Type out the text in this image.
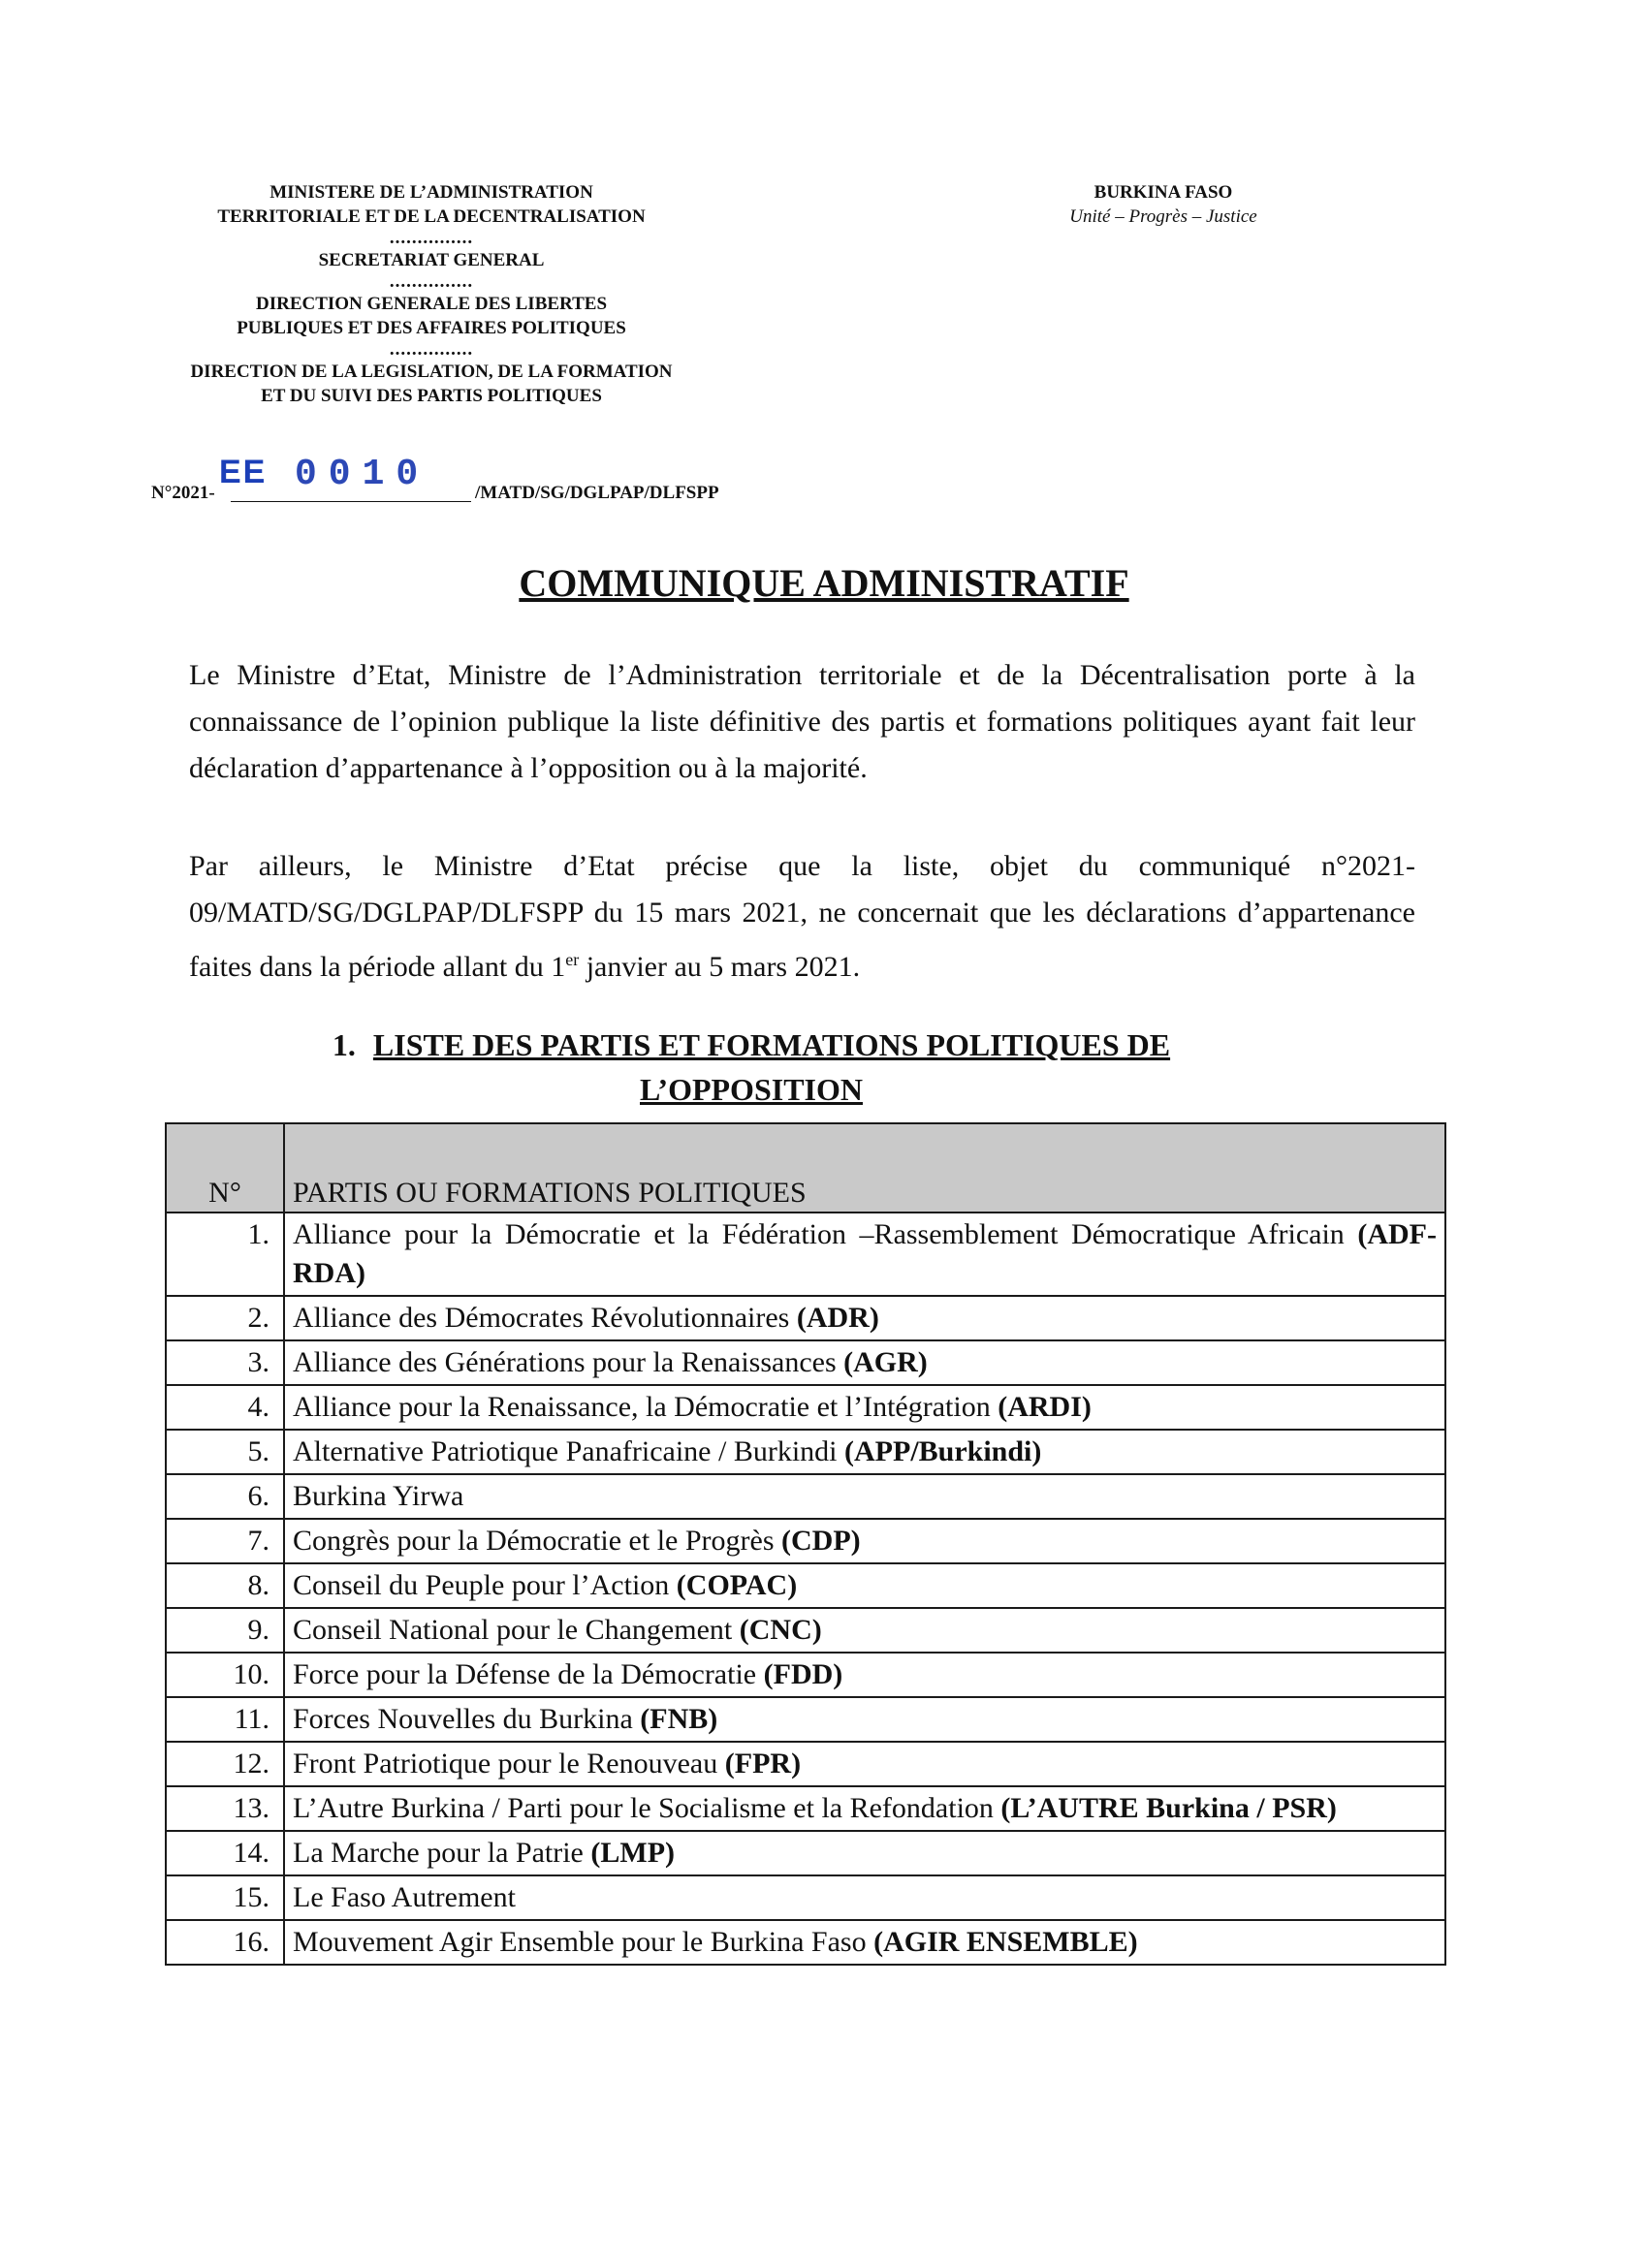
MINISTERE DE L’ADMINISTRATION
TERRITORIALE ET DE LA DECENTRALISATION
...............
SECRETARIAT GENERAL
...............
DIRECTION GENERALE DES LIBERTES
PUBLIQUES ET DES AFFAIRES POLITIQUES
...............
DIRECTION DE LA LEGISLATION, DE LA FORMATION
ET DU SUIVI DES PARTIS POLITIQUES
BURKINA FASO
Unité – Progrès – Justice
EE 0010
N°2021-	/MATD/SG/DGLPAP/DLFSPP
COMMUNIQUE ADMINISTRATIF
Le Ministre d’Etat, Ministre de l’Administration territoriale et de la Décentralisation porte à la connaissance de l’opinion publique la liste définitive des partis et formations politiques ayant fait leur déclaration d’appartenance à l’opposition ou à la majorité.
Par ailleurs, le Ministre d’Etat précise que la liste, objet du communiqué n°2021-09/MATD/SG/DGLPAP/DLFSPP du 15 mars 2021, ne concernait que les déclarations d’appartenance faites dans la période allant du 1er janvier au 5 mars 2021.
1. LISTE DES PARTIS ET FORMATIONS POLITIQUES DE L’OPPOSITION
N°	PARTIS OU FORMATIONS POLITIQUES
1.	Alliance pour la Démocratie et la Fédération –Rassemblement Démocratique Africain (ADF-RDA)
2.	Alliance des Démocrates Révolutionnaires (ADR)
3.	Alliance des Générations pour la Renaissances (AGR)
4.	Alliance pour la Renaissance, la Démocratie et l’Intégration (ARDI)
5.	Alternative Patriotique Panafricaine / Burkindi (APP/Burkindi)
6.	Burkina Yirwa
7.	Congrès pour la Démocratie et le Progrès (CDP)
8.	Conseil du Peuple pour l’Action (COPAC)
9.	Conseil National pour le Changement (CNC)
10.	Force pour la Défense de la Démocratie (FDD)
11.	Forces Nouvelles du Burkina (FNB)
12.	Front Patriotique pour le Renouveau (FPR)
13.	L’Autre Burkina / Parti pour le Socialisme et la Refondation (L’AUTRE Burkina / PSR)
14.	La Marche pour la Patrie (LMP)
15.	Le Faso Autrement
16.	Mouvement Agir Ensemble pour le Burkina Faso (AGIR ENSEMBLE)
